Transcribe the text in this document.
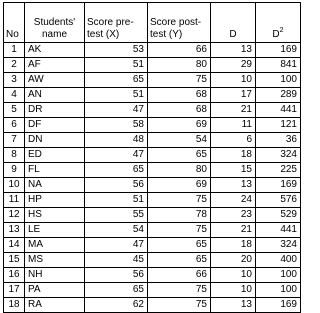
No	Students' name	Score pre-test (X)	Score post-test (Y)	D	$D^2$

1	AK	53	66	13	169
2	AF	51	80	29	841
3	AW	65	75	10	100
4	AN	51	68	17	289
5	DR	47	68	21	441
6	DF	58	69	11	121
7	DN	48	54	6	36
8	ED	47	65	18	324
9	FL	65	80	15	225
10	NA	56	69	13	169
11	HP	51	75	24	576
12	HS	55	78	23	529
13	LE	54	75	21	441
14	MA	47	65	18	324
15	MS	45	65	20	400
16	NH	56	66	10	100
17	PA	65	75	10	100
18	RA	62	75	13	169
